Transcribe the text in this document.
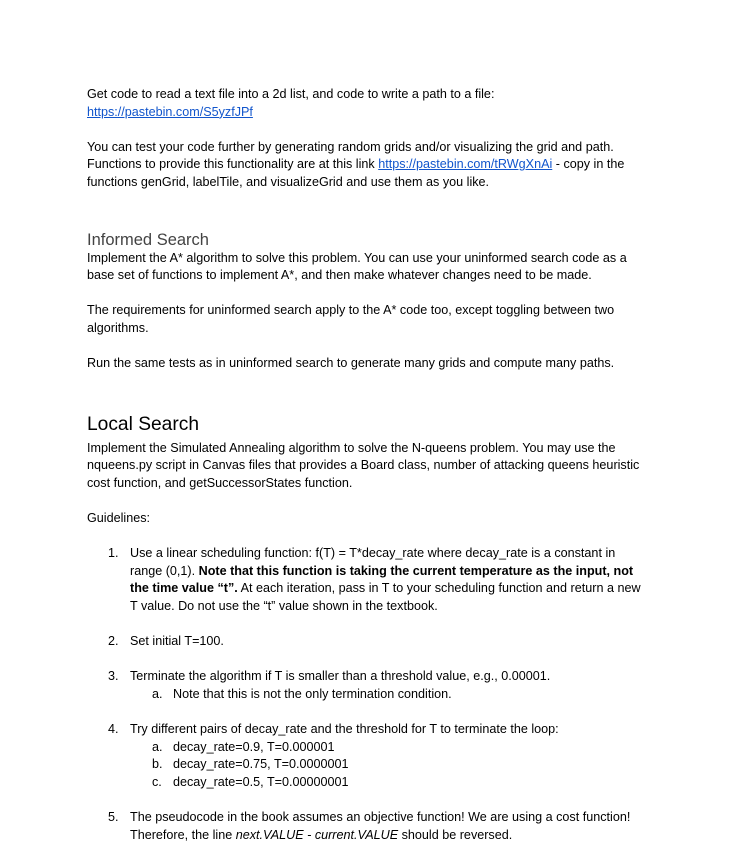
Get code to read a text file into a 2d list, and code to write a path to a file:
https://pastebin.com/S5yzfJPf

You can test your code further by generating random grids and/or visualizing the grid and path. Functions to provide this functionality are at this link https://pastebin.com/tRWgXnAi - copy in the functions genGrid, labelTile, and visualizeGrid and use them as you like.

Informed Search

Implement the A* algorithm to solve this problem. You can use your uninformed search code as a base set of functions to implement A*, and then make whatever changes need to be made.

The requirements for uninformed search apply to the A* code too, except toggling between two algorithms.

Run the same tests as in uninformed search to generate many grids and compute many paths.

Local Search

Implement the Simulated Annealing algorithm to solve the N-queens problem. You may use the nqueens.py script in Canvas files that provides a Board class, number of attacking queens heuristic cost function, and getSuccessorStates function.

Guidelines:

1. Use a linear scheduling function: f(T) = T*decay_rate where decay_rate is a constant in range (0,1). Note that this function is taking the current temperature as the input, not the time value “t”. At each iteration, pass in T to your scheduling function and return a new T value. Do not use the “t” value shown in the textbook.
2. Set initial T=100.
3. Terminate the algorithm if T is smaller than a threshold value, e.g., 0.00001.
a. Note that this is not the only termination condition.
4. Try different pairs of decay_rate and the threshold for T to terminate the loop:
a. decay_rate=0.9, T=0.000001
b. decay_rate=0.75, T=0.0000001
c. decay_rate=0.5, T=0.00000001
5. The pseudocode in the book assumes an objective function! We are using a cost function! Therefore, the line next.VALUE - current.VALUE should be reversed.
